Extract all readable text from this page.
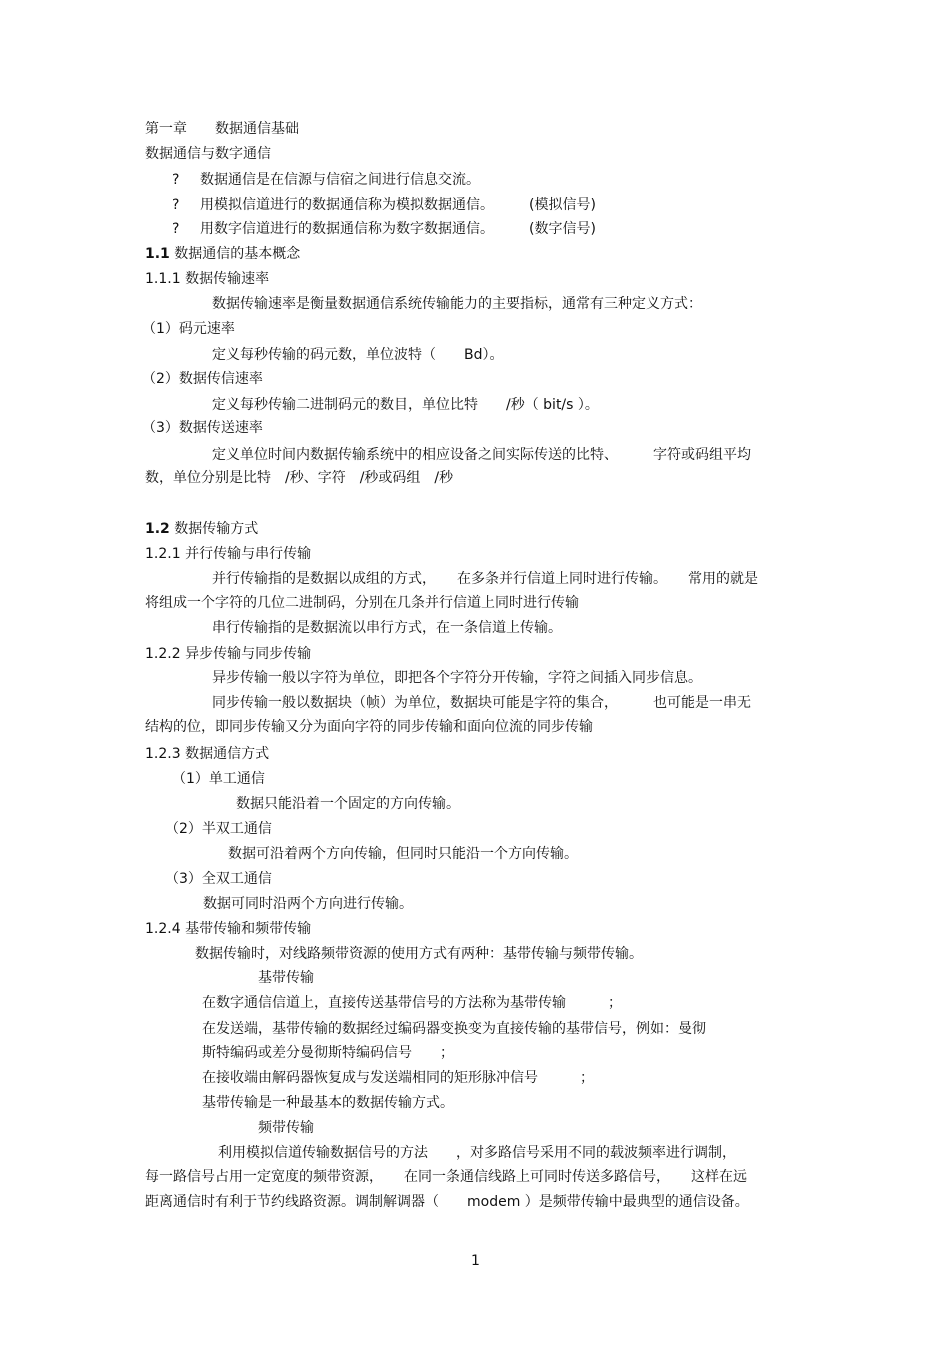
第一章　　数据通信基础
数据通信与数字通信
? 数据通信是在信源与信宿之间进行信息交流。
? 用模拟信道进行的数据通信称为模拟数据通信。　　　(模拟信号)
? 用数字信道进行的数据通信称为数字数据通信。　　　(数字信号)
1.1 数据通信的基本概念
1.1.1 数据传输速率
数据传输速率是衡量数据通信系统传输能力的主要指标，通常有三种定义方式：
（1）码元速率
定义每秒传输的码元数，单位波特（　　Bd）。
（2）数据传信速率
定义每秒传输二进制码元的数目，单位比特　　/秒（ bit/s ）。
（3）数据传送速率
定义单位时间内数据传输系统中的相应设备之间实际传送的比特、　　　字符或码组平均
数，单位分别是比特　/秒、字符　/秒或码组　/秒
1.2 数据传输方式
1.2.1 并行传输与串行传输
并行传输指的是数据以成组的方式，　　在多条并行信道上同时进行传输。　　常用的就是
将组成一个字符的几位二进制码，分别在几条并行信道上同时进行传输
串行传输指的是数据流以串行方式，在一条信道上传输。
1.2.2 异步传输与同步传输
异步传输一般以字符为单位，即把各个字符分开传输，字符之间插入同步信息。
同步传输一般以数据块（帧）为单位，数据块可能是字符的集合，　　　也可能是一串无
结构的位，即同步传输又分为面向字符的同步传输和面向位流的同步传输
1.2.3 数据通信方式
（1）单工通信
数据只能沿着一个固定的方向传输。
（2）半双工通信
数据可沿着两个方向传输，但同时只能沿一个方向传输。
（3）全双工通信
数据可同时沿两个方向进行传输。
1.2.4 基带传输和频带传输
数据传输时，对线路频带资源的使用方式有两种：基带传输与频带传输。
基带传输
在数字通信信道上，直接传送基带信号的方法称为基带传输　　　；
在发送端，基带传输的数据经过编码器变换变为直接传输的基带信号，例如：曼彻
斯特编码或差分曼彻斯特编码信号　　；
在接收端由解码器恢复成与发送端相同的矩形脉冲信号　　　；
基带传输是一种最基本的数据传输方式。
频带传输
利用模拟信道传输数据信号的方法　　，对多路信号采用不同的载波频率进行调制，
每一路信号占用一定宽度的频带资源，　　在同一条通信线路上可同时传送多路信号，　　这样在远
距离通信时有利于节约线路资源。调制解调器（　　modem ）是频带传输中最典型的通信设备。
1
